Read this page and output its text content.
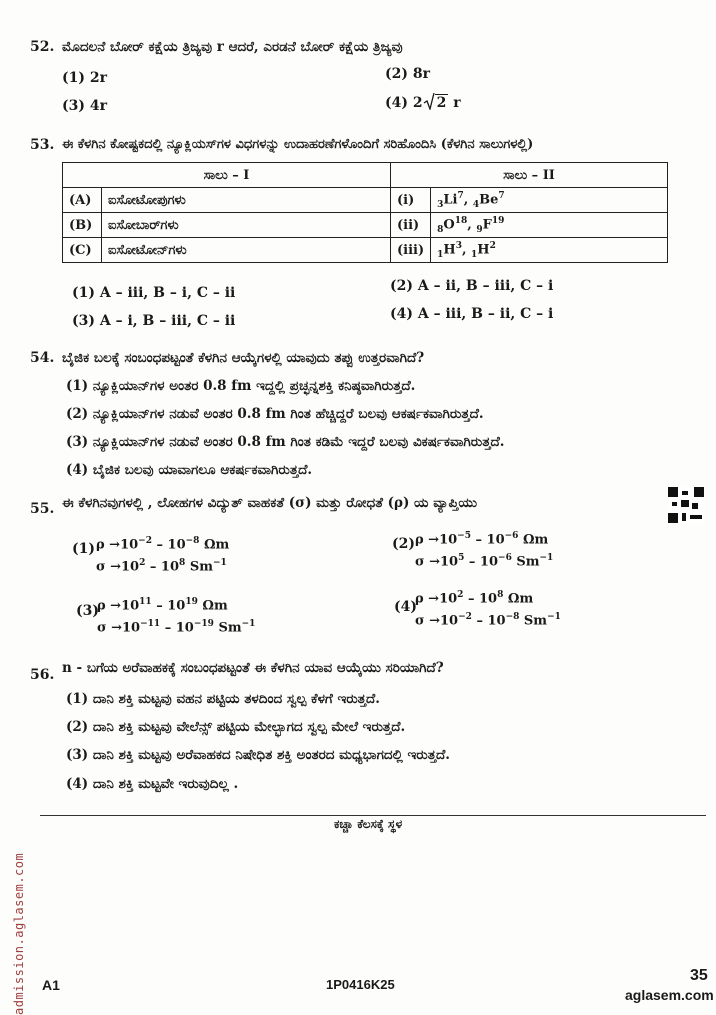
admission.aglasem.com
52. ಮೊದಲನೆ ಬೋರ್ ಕಕ್ಷೆಯ ತ್ರಿಜ್ಯವು r ಆದರೆ, ಎರಡನೆ ಬೋರ್ ಕಕ್ಷೆಯ ತ್ರಿಜ್ಯವು
(1) 2r	(2) 8r
(3) 4r	(4) 2 2 r
53. ಈ ಕೆಳಗಿನ ಕೋಷ್ಟಕದಲ್ಲಿ ನ್ಯೂಕ್ಲಿಯಸ್‌ಗಳ ವಿಧಗಳನ್ನು ಉದಾಹರಣೆಗಳೊಂದಿಗೆ ಸರಿಹೊಂದಿಸಿ (ಕೆಳಗಿನ ಸಾಲುಗಳಲ್ಲಿ)
ಸಾಲು – I		ಸಾಲು – II	
(A)	ಐಸೋಟೋಪುಗಳು	(i)	$_3Li^7$, $_4Be^7$
(B)	ಐಸೋಬಾರ್‌ಗಳು	(ii)	$_8O^{18}$, $_9F^{19}$
(C)	ಐಸೋಟೋನ್‌ಗಳು	(iii)	$_1H^3$, $_1H^2$
(1) A – iii, B – i, C – ii	(2) A – ii, B – iii, C – i
(3) A – i, B – iii, C – ii	(4) A – iii, B – ii, C – i
54. ಬೈಜಿಕ ಬಲಕ್ಕೆ ಸಂಬಂಧಪಟ್ಟಂತೆ ಕೆಳಗಿನ ಆಯ್ಕೆಗಳಲ್ಲಿ ಯಾವುದು ತಪ್ಪು ಉತ್ತರವಾಗಿದೆ?
(1) ನ್ಯೂಕ್ಲಿಯಾನ್‌ಗಳ ಅಂತರ 0.8 fm ಇದ್ದಲ್ಲಿ ಪ್ರಚ್ಛನ್ನಶಕ್ತಿ ಕನಿಷ್ಠವಾಗಿರುತ್ತದೆ.
(2) ನ್ಯೂಕ್ಲಿಯಾನ್‌ಗಳ ನಡುವೆ ಅಂತರ 0.8 fm ಗಿಂತ ಹೆಚ್ಚಿದ್ದರೆ ಬಲವು ಆಕರ್ಷಕವಾಗಿರುತ್ತದೆ.
(3) ನ್ಯೂಕ್ಲಿಯಾನ್‌ಗಳ ನಡುವೆ ಅಂತರ 0.8 fm ಗಿಂತ ಕಡಿಮೆ ಇದ್ದರೆ ಬಲವು ವಿಕರ್ಷಕವಾಗಿರುತ್ತದೆ.
(4) ಬೈಜಿಕ ಬಲವು ಯಾವಾಗಲೂ ಆಕರ್ಷಕವಾಗಿರುತ್ತದೆ.
55. ಈ ಕೆಳಗಿನವುಗಳಲ್ಲಿ , ಲೋಹಗಳ ವಿದ್ಯುತ್ ವಾಹಕತೆ (σ) ಮತ್ತು ರೋಧತೆ (ρ) ಯ ವ್ಯಾಪ್ತಿಯು
(1) $\rho \to 10^{-2} - 10^{-8}$ Ωm
$\sigma \to 10^2 - 10^8$ $Sm^{-1}$
(2) $\rho \to 10^{-5} - 10^{-6}$ Ωm
$\sigma \to 10^5 - 10^{-6}$ $Sm^{-1}$
(3)
$\rho \to 10^{11} - 10^{19}$ Ωm
$\sigma \to 10^{-11} - 10^{-19}$ $Sm^{-1}$
(4)
$\rho \to 10^2 - 10^8$ Ωm
$\sigma \to 10^{-2} - 10^{-8}$ $Sm^{-1}$
56. n - ಬಗೆಯ ಅರೆವಾಹಕಕ್ಕೆ ಸಂಬಂಧಪಟ್ಟಂತೆ ಈ ಕೆಳಗಿನ ಯಾವ ಆಯ್ಕೆಯು ಸರಿಯಾಗಿದೆ?
(1) ದಾನಿ ಶಕ್ತಿ ಮಟ್ಟವು ವಹನ ಪಟ್ಟಿಯ ತಳದಿಂದ ಸ್ವಲ್ಪ ಕೆಳಗೆ ಇರುತ್ತದೆ.
(2) ದಾನಿ ಶಕ್ತಿ ಮಟ್ಟವು ವೇಲೆನ್ಸ್ ಪಟ್ಟಿಯ ಮೇಲ್ಭಾಗದ ಸ್ವಲ್ಪ ಮೇಲೆ ಇರುತ್ತದೆ.
(3) ದಾನಿ ಶಕ್ತಿ ಮಟ್ಟವು ಅರೆವಾಹಕದ ನಿಷೇಧಿತ ಶಕ್ತಿ ಅಂತರದ ಮಧ್ಯಭಾಗದಲ್ಲಿ ಇರುತ್ತದೆ.
(4) ದಾನಿ ಶಕ್ತಿ ಮಟ್ಟವೇ ಇರುವುದಿಲ್ಲ .
ಕಚ್ಚಾ ಕೆಲಸಕ್ಕೆ ಸ್ಥಳ
A1	1P0416K25
35
aglasem.com
